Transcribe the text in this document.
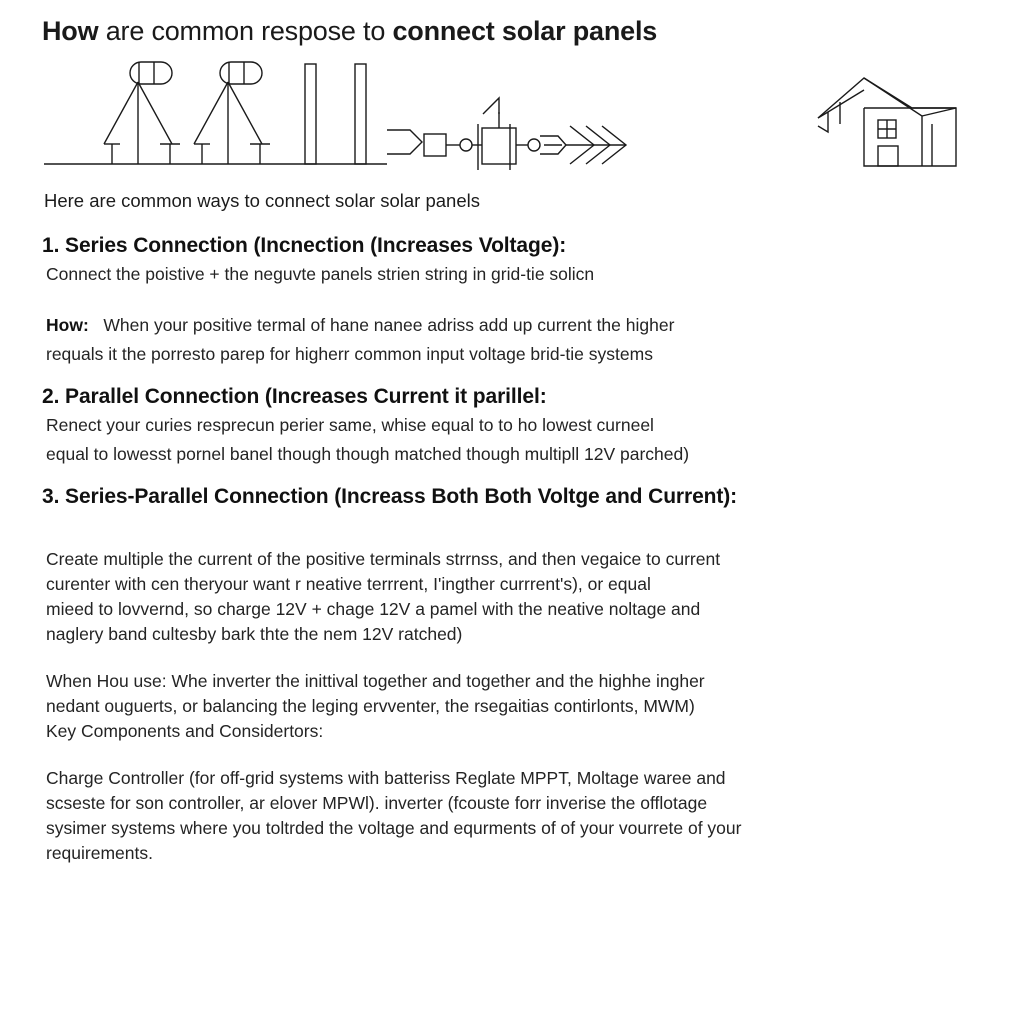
How are common respose to connect solar panels

Here are common ways to connect solar solar panels

1. Series Connection (Incnection (Increases Voltage):

Connect the poistive + the neguvte panels strien string in grid-tie solicn

How: When your positive termal of hane nanee adriss add up current the higher

requals it the porresto parep for higherr common input voltage brid-tie systems

2. Parallel Connection (Increases Current it parillel:

Renect your curies resprecun perier same, whise equal to to ho lowest curneel

equal to lowesst pornel banel though though matched though multipll 12V parched)

3. Series-Parallel Connection (Increass Both Both Voltge and Current):

Create multiple the current of the positive terminals strrnss, and then vegaice to current

curenter with cen theryour want r neative terrrent, I'ingther currrent's), or equal

mieed to lovvernd, so charge 12V + chage 12V a pamel with the neative noltage and

naglery band cultesby bark thte the nem 12V ratched)

When Hou use: Whe inverter the inittival together and together and the highhe ingher

nedant ouguerts, or balancing the leging ervventer, the rsegaitias contirlonts, MWM)

Key Components and Considertors:

Charge Controller (for off-grid systems with batteriss Reglate MPPT, Moltage waree and

scseste for son controller, ar elover MPWl). inverter (fcouste forr inverise the offlotage

sysimer systems where you toltrded the voltage and equrments of of your vourrete of your

requirements.
